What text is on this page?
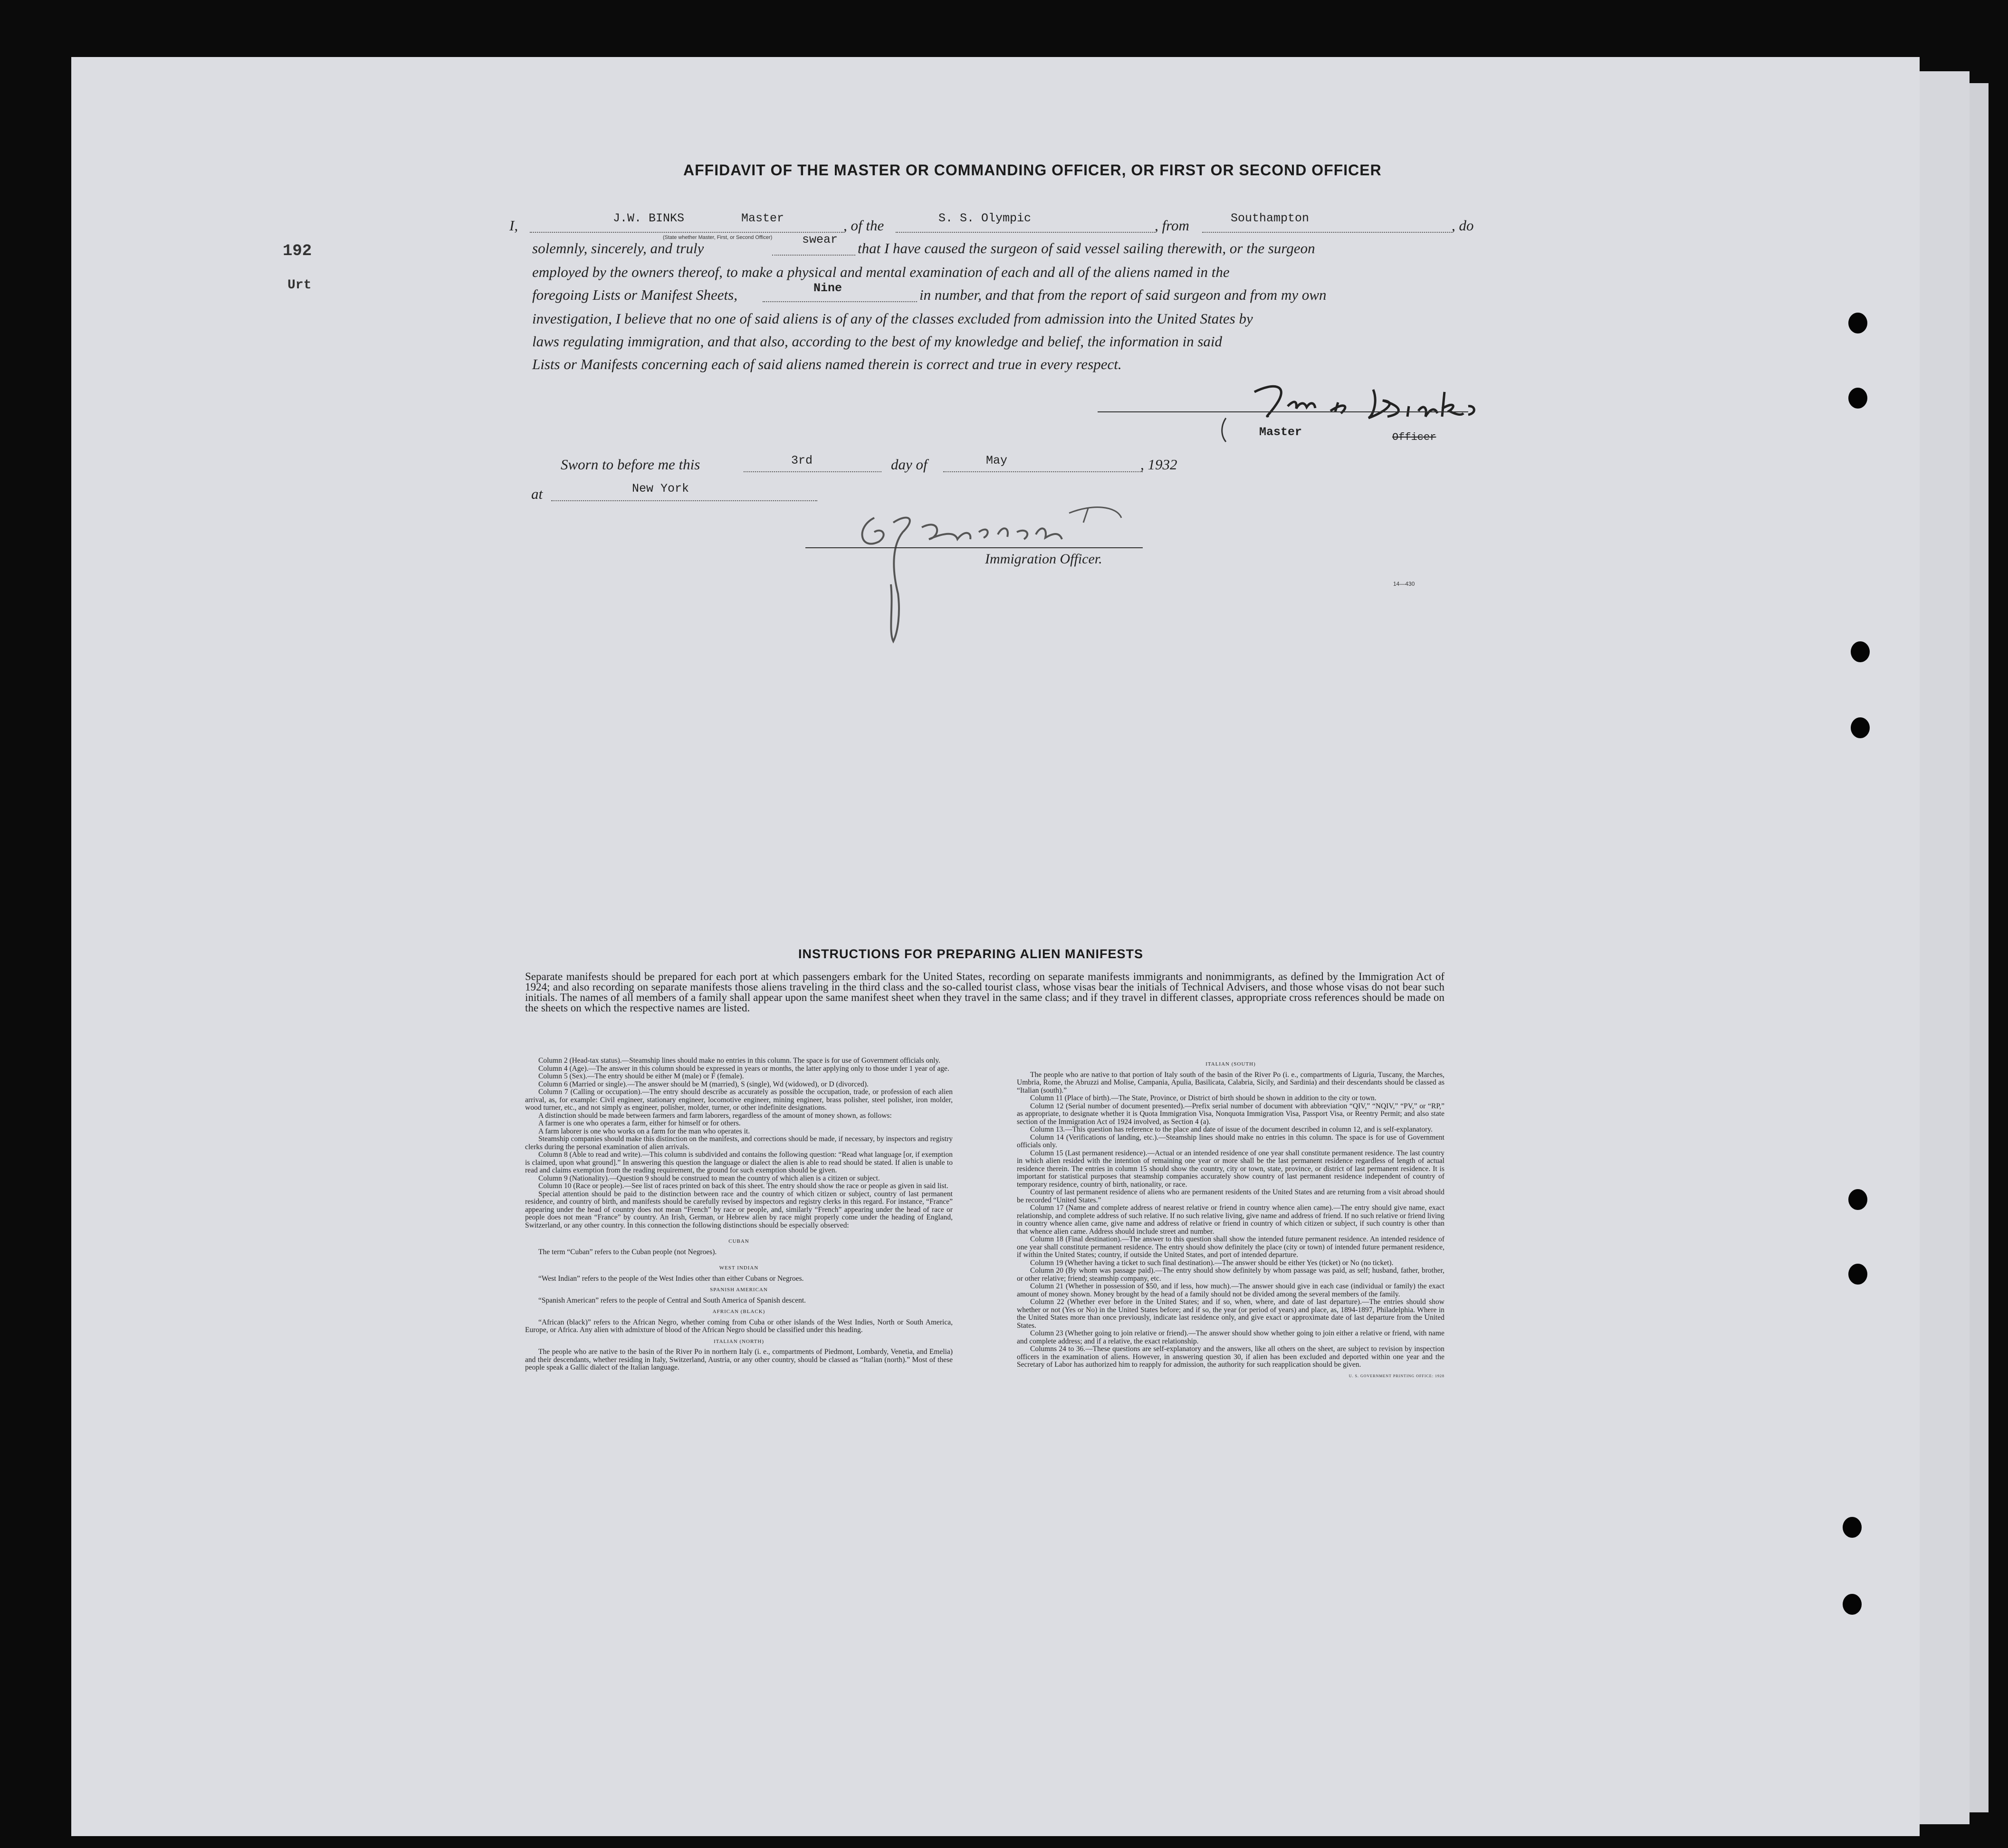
192
Urt
AFFIDAVIT OF THE MASTER OR COMMANDING OFFICER, OR FIRST OR SECOND OFFICER
I,	J.W. BINKS	Master	, of the	S. S. Olympic	, from	Southampton	, do
(State whether Master, First, or Second Officer)
solemnly, sincerely, and truly
swear
that I have caused the surgeon of said vessel sailing therewith, or the surgeon
employed by the owners thereof, to make a physical and mental examination of each and all of the aliens named in the
foregoing Lists or Manifest Sheets,	Nine	in number, and that from the report of said surgeon and from my own
investigation, I believe that no one of said aliens is of any of the classes excluded from admission into the United States by
laws regulating immigration, and that also, according to the best of my knowledge and belief, the information in said
Lists or Manifests concerning each of said aliens named therein is correct and true in every respect.
Master	Officer
Sworn to before me this	3rd	day of	May	, 1932
at	New York
Immigration Officer.
14—430
INSTRUCTIONS FOR PREPARING ALIEN MANIFESTS
Separate manifests should be prepared for each port at which passengers embark for the United States, recording on separate manifests immigrants and nonimmigrants, as defined by the Immigration Act of 1924; and also recording on separate manifests those aliens traveling in the third class and the so-called tourist class, whose visas bear the initials of Technical Advisers, and those whose visas do not bear such initials. The names of all members of a family shall appear upon the same manifest sheet when they travel in the same class; and if they travel in different classes, appropriate cross references should be made on the sheets on which the respective names are listed.

Column 2 (Head-tax status).—Steamship lines should make no entries in this column. The space is for use of Government officials only.

Column 4 (Age).—The answer in this column should be expressed in years or months, the latter applying only to those under 1 year of age.

Column 5 (Sex).—The entry should be either M (male) or F (female).

Column 6 (Married or single).—The answer should be M (married), S (single), Wd (widowed), or D (divorced).

Column 7 (Calling or occupation).—The entry should describe as accurately as possible the occupation, trade, or profession of each alien arrival, as, for example: Civil engineer, stationary engineer, locomotive engineer, mining engineer, brass polisher, steel polisher, iron molder, wood turner, etc., and not simply as engineer, polisher, molder, turner, or other indefinite designations.

A distinction should be made between farmers and farm laborers, regardless of the amount of money shown, as follows:

A farmer is one who operates a farm, either for himself or for others.

A farm laborer is one who works on a farm for the man who operates it.

Steamship companies should make this distinction on the manifests, and corrections should be made, if necessary, by inspectors and registry clerks during the personal examination of alien arrivals.

Column 8 (Able to read and write).—This column is subdivided and contains the following question: “Read what language [or, if exemption is claimed, upon what ground].” In answering this question the language or dialect the alien is able to read should be stated. If alien is unable to read and claims exemption from the reading requirement, the ground for such exemption should be given.

Column 9 (Nationality).—Question 9 should be construed to mean the country of which alien is a citizen or subject.

Column 10 (Race or people).—See list of races printed on back of this sheet. The entry should show the race or people as given in said list.

Special attention should be paid to the distinction between race and the country of which citizen or subject, country of last permanent residence, and country of birth, and manifests should be carefully revised by inspectors and registry clerks in this regard. For instance, “France” appearing under the head of country does not mean “French” by race or people, and, similarly “French” appearing under the head of race or people does not mean “France” by country. An Irish, German, or Hebrew alien by race might properly come under the heading of England, Switzerland, or any other country. In this connection the following distinctions should be especially observed:

CUBAN

The term “Cuban” refers to the Cuban people (not Negroes).

WEST INDIAN

“West Indian” refers to the people of the West Indies other than either Cubans or Negroes.

SPANISH AMERICAN

“Spanish American” refers to the people of Central and South America of Spanish descent.

AFRICAN (BLACK)

“African (black)” refers to the African Negro, whether coming from Cuba or other islands of the West Indies, North or South America, Europe, or Africa. Any alien with admixture of blood of the African Negro should be classified under this heading.

ITALIAN (NORTH)

The people who are native to the basin of the River Po in northern Italy (i. e., compartments of Piedmont, Lombardy, Venetia, and Emelia) and their descendants, whether residing in Italy, Switzerland, Austria, or any other country, should be classed as “Italian (north).” Most of these people speak a Gallic dialect of the Italian language.

ITALIAN (SOUTH)

The people who are native to that portion of Italy south of the basin of the River Po (i. e., compartments of Liguria, Tuscany, the Marches, Umbria, Rome, the Abruzzi and Molise, Campania, Apulia, Basilicata, Calabria, Sicily, and Sardinia) and their descendants should be classed as “Italian (south).”

Column 11 (Place of birth).—The State, Province, or District of birth should be shown in addition to the city or town.

Column 12 (Serial number of document presented).—Prefix serial number of document with abbreviation “QIV,” “NQIV,” “PV,” or “RP,” as appropriate, to designate whether it is Quota Immigration Visa, Nonquota Immigration Visa, Passport Visa, or Reentry Permit; and also state section of the Immigration Act of 1924 involved, as Section 4 (a).

Column 13.—This question has reference to the place and date of issue of the document described in column 12, and is self-explanatory.

Column 14 (Verifications of landing, etc.).—Steamship lines should make no entries in this column. The space is for use of Government officials only.

Column 15 (Last permanent residence).—Actual or an intended residence of one year shall constitute permanent residence. The last country in which alien resided with the intention of remaining one year or more shall be the last permanent residence regardless of length of actual residence therein. The entries in column 15 should show the country, city or town, state, province, or district of last permanent residence. It is important for statistical purposes that steamship companies accurately show country of last permanent residence independent of country of temporary residence, country of birth, nationality, or race.

Country of last permanent residence of aliens who are permanent residents of the United States and are returning from a visit abroad should be recorded “United States.”

Column 17 (Name and complete address of nearest relative or friend in country whence alien came).—The entry should give name, exact relationship, and complete address of such relative. If no such relative living, give name and address of friend. If no such relative or friend living in country whence alien came, give name and address of relative or friend in country of which citizen or subject, if such country is other than that whence alien came. Address should include street and number.

Column 18 (Final destination).—The answer to this question shall show the intended future permanent residence. An intended residence of one year shall constitute permanent residence. The entry should show definitely the place (city or town) of intended future permanent residence, if within the United States; country, if outside the United States, and port of intended departure.

Column 19 (Whether having a ticket to such final destination).—The answer should be either Yes (ticket) or No (no ticket).

Column 20 (By whom was passage paid).—The entry should show definitely by whom passage was paid, as self; husband, father, brother, or other relative; friend; steamship company, etc.

Column 21 (Whether in possession of $50, and if less, how much).—The answer should give in each case (individual or family) the exact amount of money shown. Money brought by the head of a family should not be divided among the several members of the family.

Column 22 (Whether ever before in the United States; and if so, when, where, and date of last departure).—The entries should show whether or not (Yes or No) in the United States before; and if so, the year (or period of years) and place, as, 1894-1897, Philadelphia. Where in the United States more than once previously, indicate last residence only, and give exact or approximate date of last departure from the United States.

Column 23 (Whether going to join relative or friend).—The answer should show whether going to join either a relative or friend, with name and complete address; and if a relative, the exact relationship.

Columns 24 to 36.—These questions are self-explanatory and the answers, like all others on the sheet, are subject to revision by inspection officers in the examination of aliens. However, in answering question 30, if alien has been excluded and deported within one year and the Secretary of Labor has authorized him to reapply for admission, the authority for such reapplication should be given.

U. S. GOVERNMENT PRINTING OFFICE: 1928
